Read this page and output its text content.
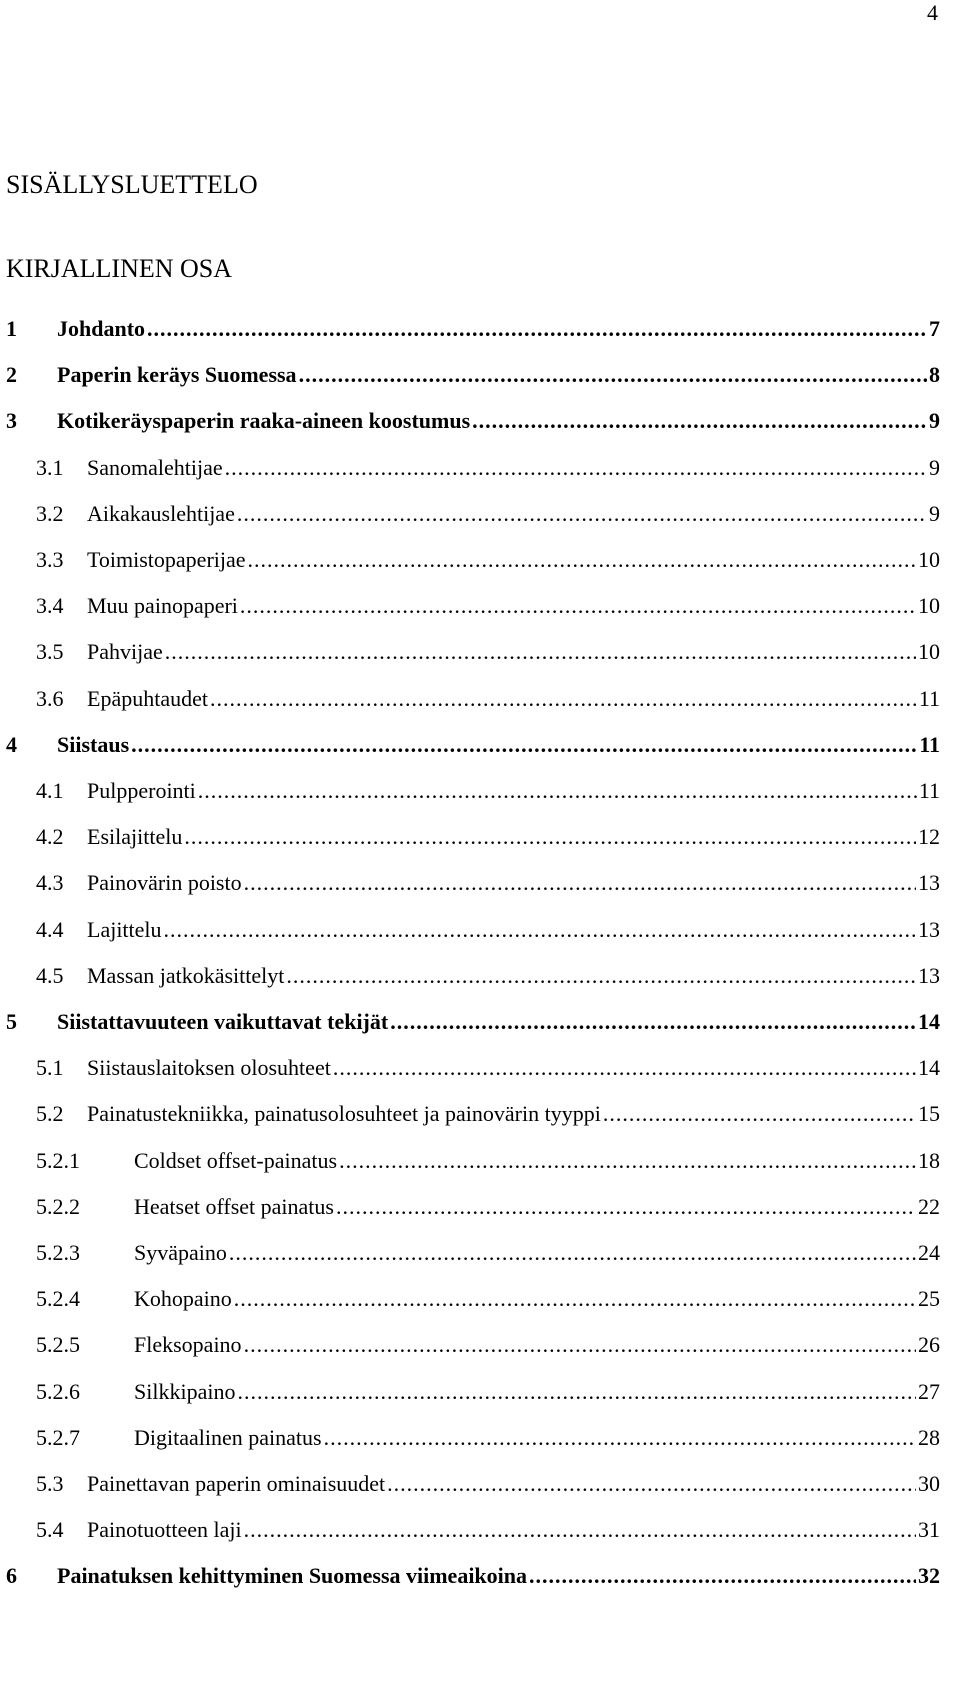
4
SISÄLLYSLUETTELO
KIRJALLINEN OSA
1	Johdanto .....	7
2	Paperin keräys Suomessa .....	8
3	Kotikeräyspaperin raaka-aineen koostumus .....	9
3.1	Sanomalehtijae .....	9
3.2	Aikakauslehtijae .....	9
3.3	Toimistopaperijae .....	10
3.4	Muu painopaperi .....	10
3.5	Pahvijae .....	10
3.6	Epäpuhtaudet .....	11
4	Siistaus .....	11
4.1	Pulpperointi .....	11
4.2	Esilajittelu .....	12
4.3	Painovärin poisto .....	13
4.4	Lajittelu .....	13
4.5	Massan jatkokäsittelyt .....	13
5	Siistattavuuteen vaikuttavat tekijät .....	14
5.1	Siistauslaitoksen olosuhteet .....	14
5.2	Painatustekniikka, painatusolosuhteet ja painovärin tyyppi .....	15
5.2.1	Coldset offset-painatus .....	18
5.2.2	Heatset offset painatus .....	22
5.2.3	Syväpaino .....	24
5.2.4	Kohopaino .....	25
5.2.5	Fleksopaino .....	26
5.2.6	Silkkipaino .....	27
5.2.7	Digitaalinen painatus .....	28
5.3	Painettavan paperin ominaisuudet .....	30
5.4	Painotuotteen laji .....	31
6	Painatuksen kehittyminen Suomessa viimeaikoina .....	32
